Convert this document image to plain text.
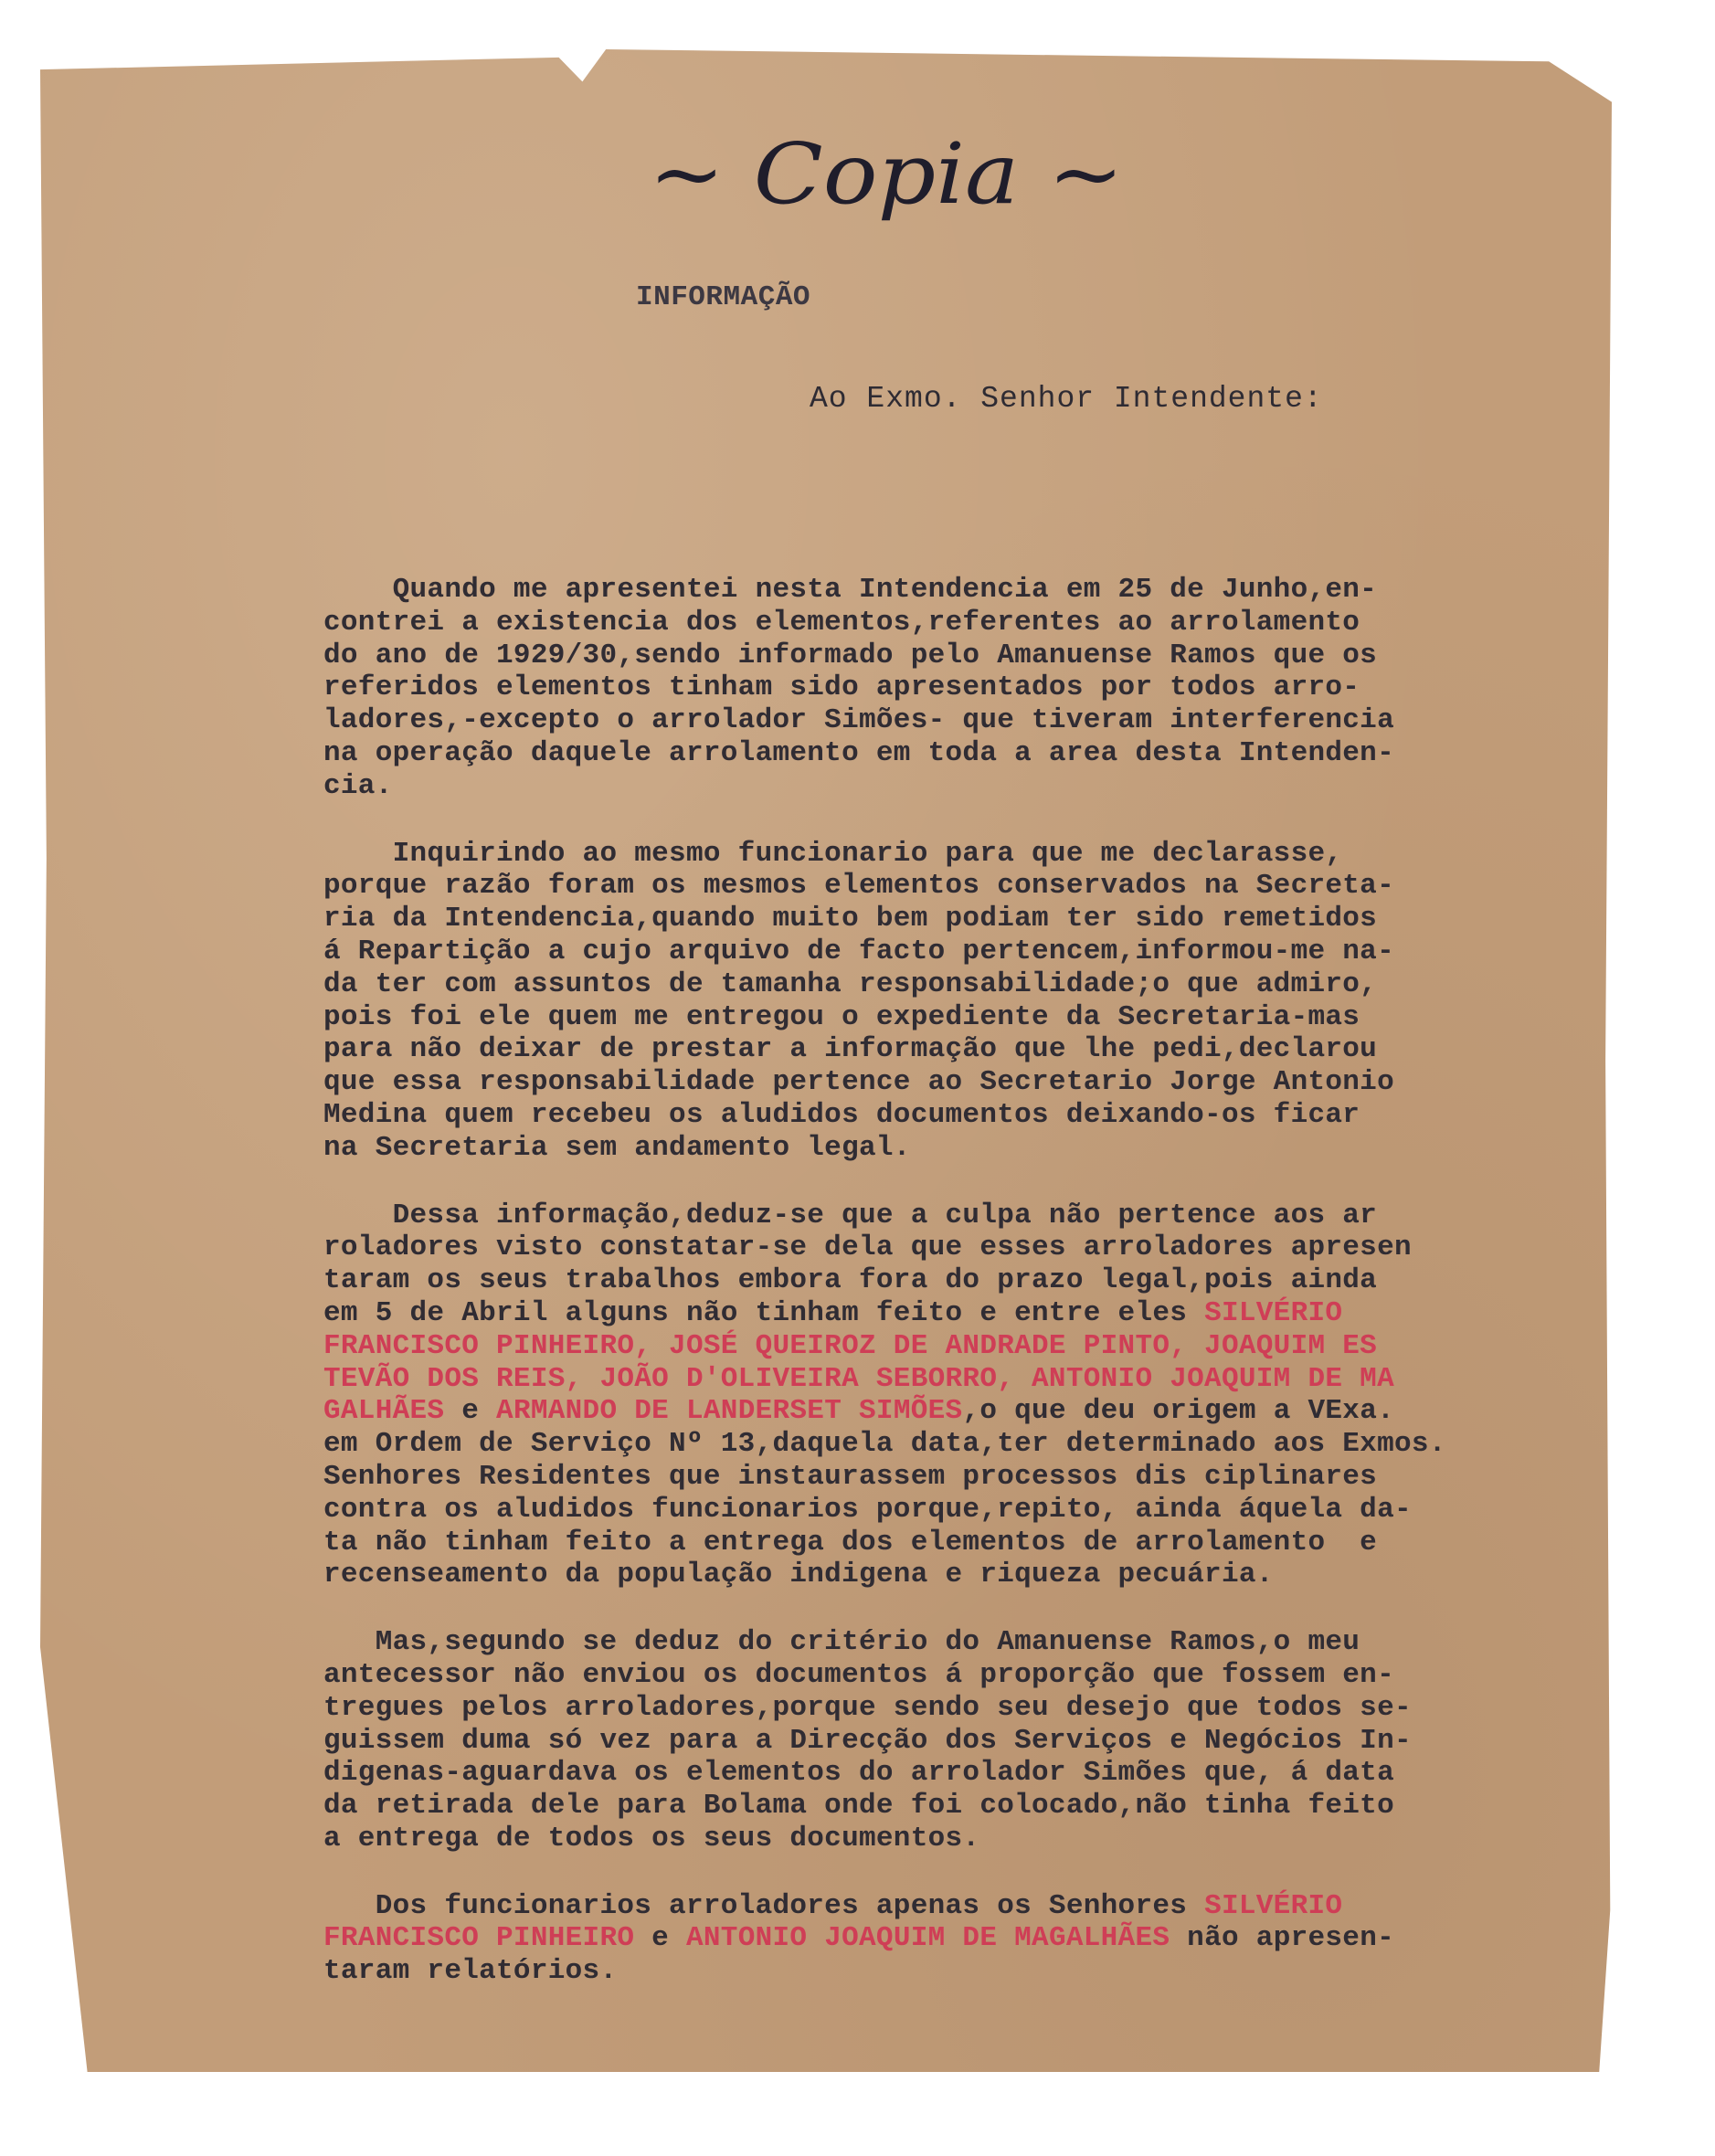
~ Copia ~
INFORMAÇÃO

Ao Exmo. Senhor Intendente:

Quando me apresentei nesta Intendencia em 25 de Junho,en-
contrei a existencia dos elementos,referentes ao arrolamento
do ano de 1929/30,sendo informado pelo Amanuense Ramos que os
referidos elementos tinham sido apresentados por todos arro-
ladores,-excepto o arrolador Simões- que tiveram interferencia
na operação daquele arrolamento em toda a area desta Intenden-
cia.

Inquirindo ao mesmo funcionario para que me declarasse,
porque razão foram os mesmos elementos conservados na Secreta-
ria da Intendencia,quando muito bem podiam ter sido remetidos
á Repartição a cujo arquivo de facto pertencem,informou-me na-
da ter com assuntos de tamanha responsabilidade;o que admiro,
pois foi ele quem me entregou o expediente da Secretaria-mas
para não deixar de prestar a informação que lhe pedi,declarou
que essa responsabilidade pertence ao Secretario Jorge Antonio
Medina quem recebeu os aludidos documentos deixando-os ficar
na Secretaria sem andamento legal.

Dessa informação,deduz-se que a culpa não pertence aos ar
roladores visto constatar-se dela que esses arroladores apresen
taram os seus trabalhos embora fora do prazo legal,pois ainda
em 5 de Abril alguns não tinham feito e entre eles SILVÉRIO
FRANCISCO PINHEIRO, JOSÉ QUEIROZ DE ANDRADE PINTO, JOAQUIM ES
TEVÃO DOS REIS, JOÃO D'OLIVEIRA SEBORRO, ANTONIO JOAQUIM DE MA
GALHÃES e ARMANDO DE LANDERSET SIMÕES,o que deu origem a VExa.
em Ordem de Serviço Nº 13,daquela data,ter determinado aos Exmos.
Senhores Residentes que instaurassem processos dis ciplinares
contra os aludidos funcionarios porque,repito, ainda áquela da-
ta não tinham feito a entrega dos elementos de arrolamento  e
recenseamento da população indigena e riqueza pecuária.

Mas,segundo se deduz do critério do Amanuense Ramos,o meu
antecessor não enviou os documentos á proporção que fossem en-
tregues pelos arroladores,porque sendo seu desejo que todos se-
guissem duma só vez para a Direcção dos Serviços e Negócios In-
digenas-aguardava os elementos do arrolador Simões que, á data
da retirada dele para Bolama onde foi colocado,não tinha feito
a entrega de todos os seus documentos.

Dos funcionarios arroladores apenas os Senhores SILVÉRIO
FRANCISCO PINHEIRO e ANTONIO JOAQUIM DE MAGALHÃES não apresen-
taram relatórios.
